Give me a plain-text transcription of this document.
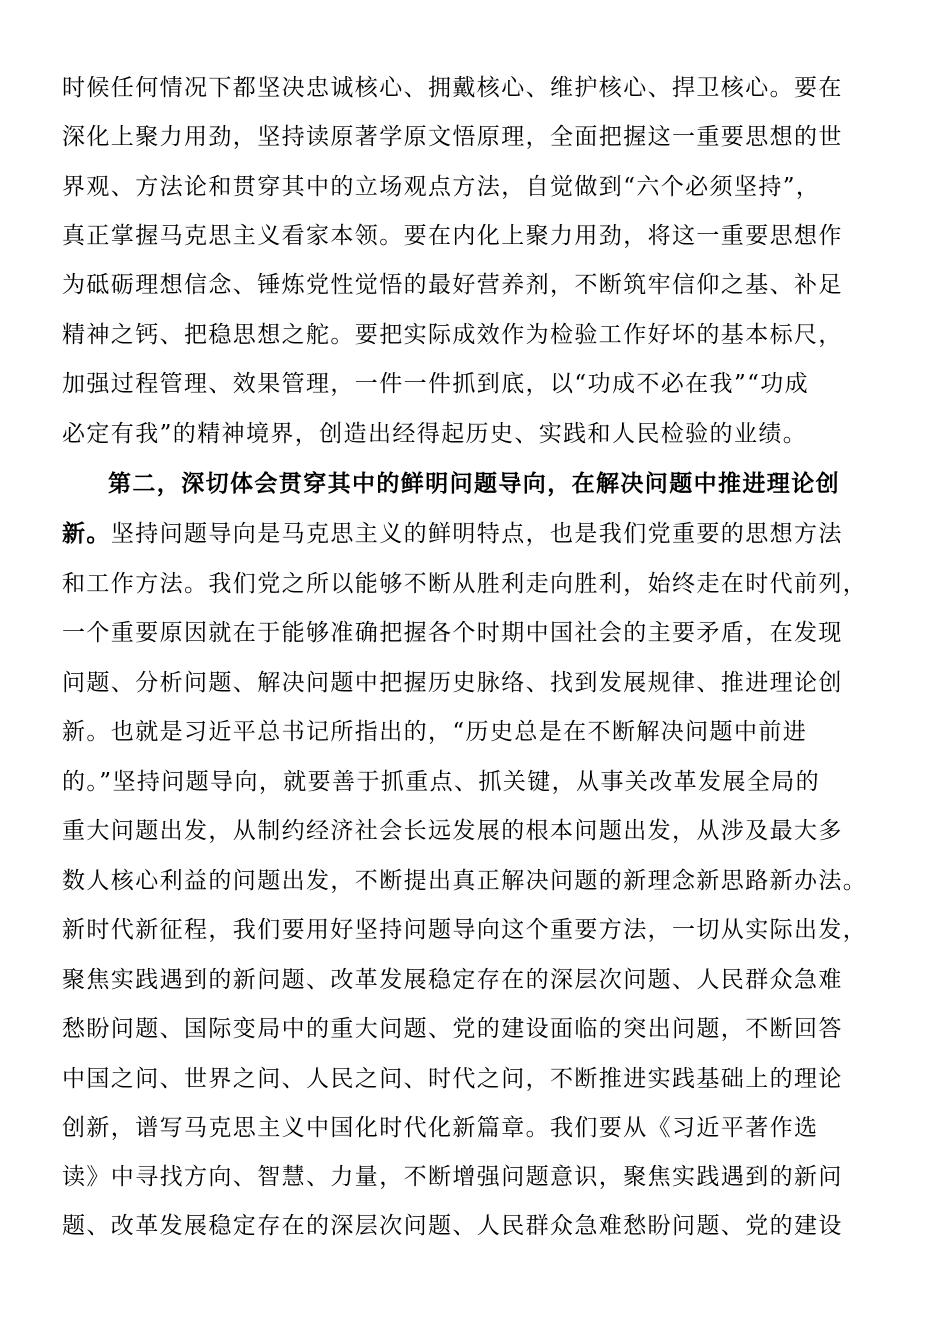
时候任何情况下都坚决忠诚核心、拥戴核心、维护核心、捍卫核心。要在
深化上聚力用劲，坚持读原著学原文悟原理，全面把握这一重要思想的世
界观、方法论和贯穿其中的立场观点方法，自觉做到“六个必须坚持”，
真正掌握马克思主义看家本领。要在内化上聚力用劲，将这一重要思想作
为砥砺理想信念、锤炼党性觉悟的最好营养剂，不断筑牢信仰之基、补足
精神之钙、把稳思想之舵。要把实际成效作为检验工作好坏的基本标尺，
加强过程管理、效果管理，一件一件抓到底，以“功成不必在我”“功成
必定有我”的精神境界，创造出经得起历史、实践和人民检验的业绩。
第二，深切体会贯穿其中的鲜明问题导向，在解决问题中推进理论创
新。坚持问题导向是马克思主义的鲜明特点，也是我们党重要的思想方法
和工作方法。我们党之所以能够不断从胜利走向胜利，始终走在时代前列，
一个重要原因就在于能够准确把握各个时期中国社会的主要矛盾，在发现
问题、分析问题、解决问题中把握历史脉络、找到发展规律、推进理论创
新。也就是习近平总书记所指出的，“历史总是在不断解决问题中前进
的。”坚持问题导向，就要善于抓重点、抓关键，从事关改革发展全局的
重大问题出发，从制约经济社会长远发展的根本问题出发，从涉及最大多
数人核心利益的问题出发，不断提出真正解决问题的新理念新思路新办法。
新时代新征程，我们要用好坚持问题导向这个重要方法，一切从实际出发，
聚焦实践遇到的新问题、改革发展稳定存在的深层次问题、人民群众急难
愁盼问题、国际变局中的重大问题、党的建设面临的突出问题，不断回答
中国之问、世界之问、人民之问、时代之问，不断推进实践基础上的理论
创新，谱写马克思主义中国化时代化新篇章。我们要从《习近平著作选
读》中寻找方向、智慧、力量，不断增强问题意识，聚焦实践遇到的新问
题、改革发展稳定存在的深层次问题、人民群众急难愁盼问题、党的建设
